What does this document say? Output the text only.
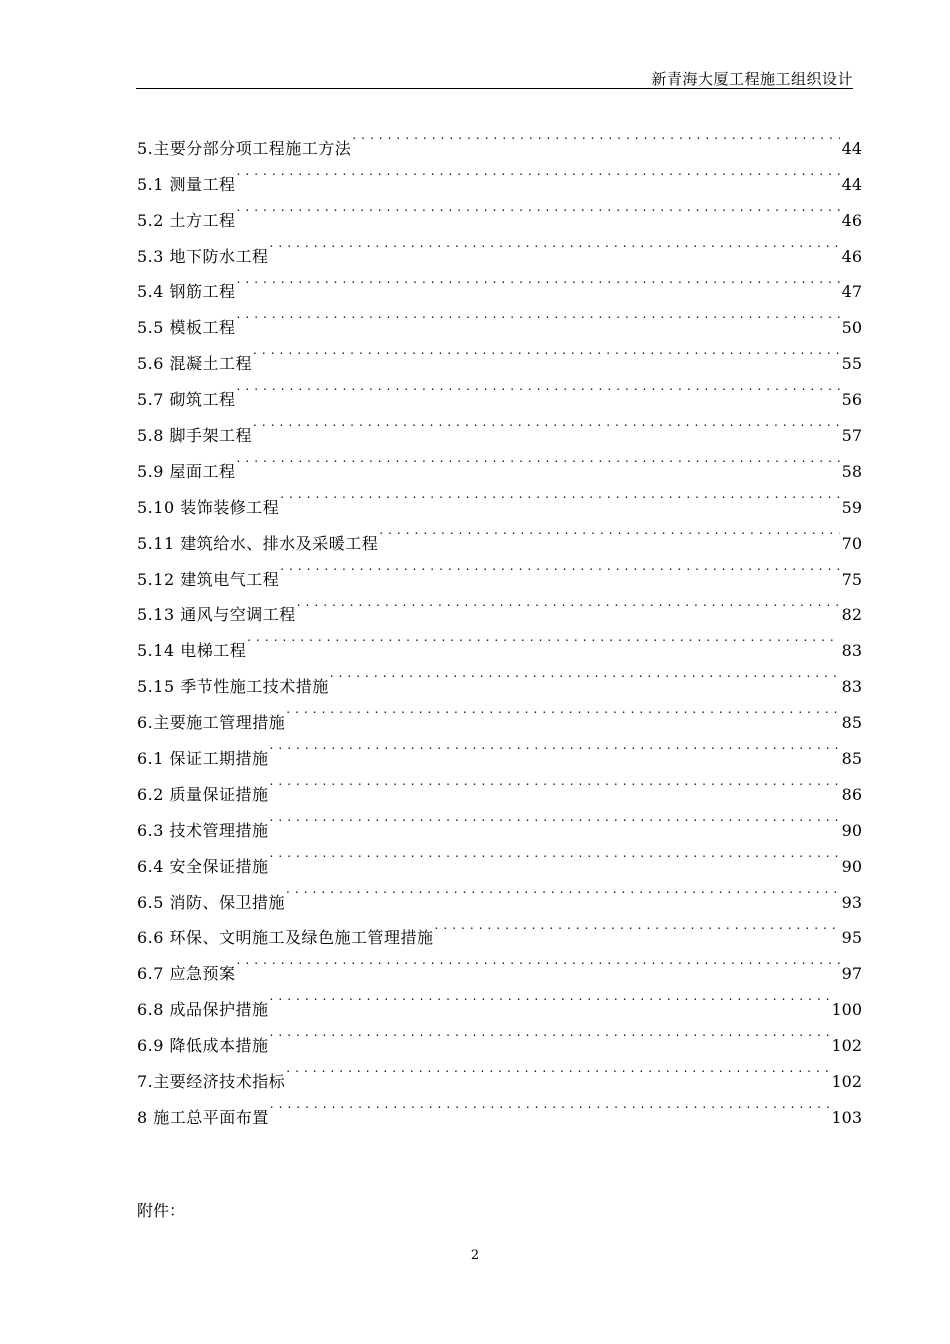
新青海大厦工程施工组织设计
5.主要分部分项工程施工方法 . . .	44
5.1 测量工程 . . .	44
5.2 土方工程 . . .	46
5.3 地下防水工程 . . .	46
5.4 钢筋工程 . . .	47
5.5 模板工程 . . .	50
5.6 混凝土工程 . . .	55
5.7 砌筑工程 . . .	56
5.8 脚手架工程 . . .	57
5.9 屋面工程 . . .	58
5.10 装饰装修工程 . . .	59
5.11 建筑给水、排水及采暖工程 . . .	70
5.12 建筑电气工程 . . .	75
5.13 通风与空调工程 . . .	82
5.14 电梯工程 . . .	83
5.15 季节性施工技术措施 . . .	83
6.主要施工管理措施 . . .	85
6.1 保证工期措施 . . .	85
6.2 质量保证措施 . . .	86
6.3 技术管理措施 . . .	90
6.4 安全保证措施 . . .	90
6.5 消防、保卫措施 . . .	93
6.6 环保、文明施工及绿色施工管理措施 . . .	95
6.7 应急预案 . . .	97
6.8 成品保护措施 . . .	100
6.9 降低成本措施 . . .	102
7.主要经济技术指标 . . .	102
8 施工总平面布置 . . .	103
附件：
2
